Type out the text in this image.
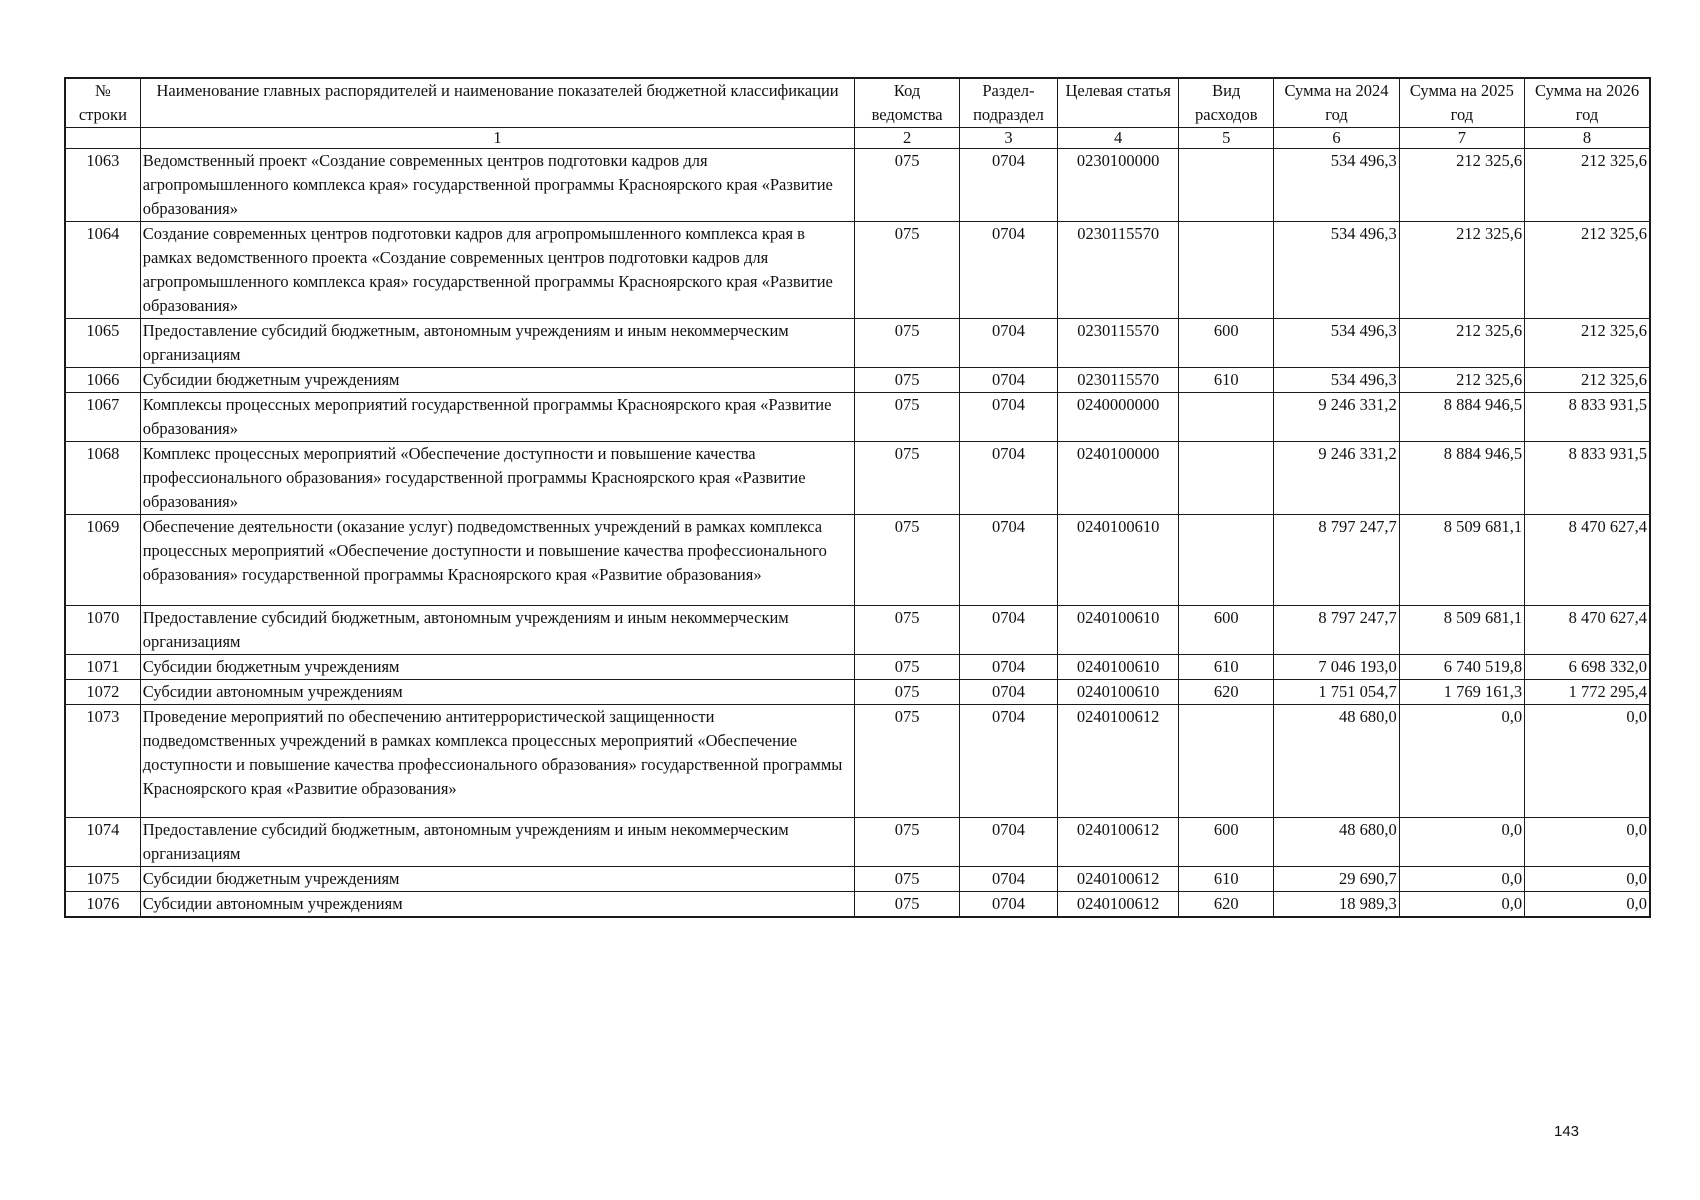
№ строки	Наименование главных распорядителей и наименование показателей бюджетной классификации	Код ведомства	Раздел-подраздел	Целевая статья	Вид расходов	Сумма на 2024 год	Сумма на 2025 год	Сумма на 2026 год
	1	2	3	4	5	6	7	8
1063	Ведомственный проект «Создание современных центров подготовки кадров для агропромышленного комплекса края» государственной программы Красноярского края «Развитие образования»	075	0704	0230100000		534 496,3	212 325,6	212 325,6
1064	Создание современных центров подготовки кадров для агропромышленного комплекса края в рамках ведомственного проекта «Создание современных центров подготовки кадров для агропромышленного комплекса края» государственной программы Красноярского края «Развитие образования»	075	0704	0230115570		534 496,3	212 325,6	212 325,6
1065	Предоставление субсидий бюджетным, автономным учреждениям и иным некоммерческим организациям	075	0704	0230115570	600	534 496,3	212 325,6	212 325,6
1066	Субсидии бюджетным учреждениям	075	0704	0230115570	610	534 496,3	212 325,6	212 325,6
1067	Комплексы процессных мероприятий государственной программы Красноярского края «Развитие образования»	075	0704	0240000000		9 246 331,2	8 884 946,5	8 833 931,5
1068	Комплекс процессных мероприятий «Обеспечение доступности и повышение качества профессионального образования» государственной программы Красноярского края «Развитие образования»	075	0704	0240100000		9 246 331,2	8 884 946,5	8 833 931,5
1069	Обеспечение деятельности (оказание услуг) подведомственных учреждений в рамках комплекса процессных мероприятий «Обеспечение доступности и повышение качества профессионального образования» государственной программы Красноярского края «Развитие образования»	075	0704	0240100610		8 797 247,7	8 509 681,1	8 470 627,4
1070	Предоставление субсидий бюджетным, автономным учреждениям и иным некоммерческим организациям	075	0704	0240100610	600	8 797 247,7	8 509 681,1	8 470 627,4
1071	Субсидии бюджетным учреждениям	075	0704	0240100610	610	7 046 193,0	6 740 519,8	6 698 332,0
1072	Субсидии автономным учреждениям	075	0704	0240100610	620	1 751 054,7	1 769 161,3	1 772 295,4
1073	Проведение мероприятий по обеспечению антитеррористической защищенности подведомственных учреждений в рамках комплекса процессных мероприятий «Обеспечение доступности и повышение качества профессионального образования» государственной программы Красноярского края «Развитие образования»	075	0704	0240100612		48 680,0	0,0	0,0
1074	Предоставление субсидий бюджетным, автономным учреждениям и иным некоммерческим организациям	075	0704	0240100612	600	48 680,0	0,0	0,0
1075	Субсидии бюджетным учреждениям	075	0704	0240100612	610	29 690,7	0,0	0,0
1076	Субсидии автономным учреждениям	075	0704	0240100612	620	18 989,3	0,0	0,0
143
